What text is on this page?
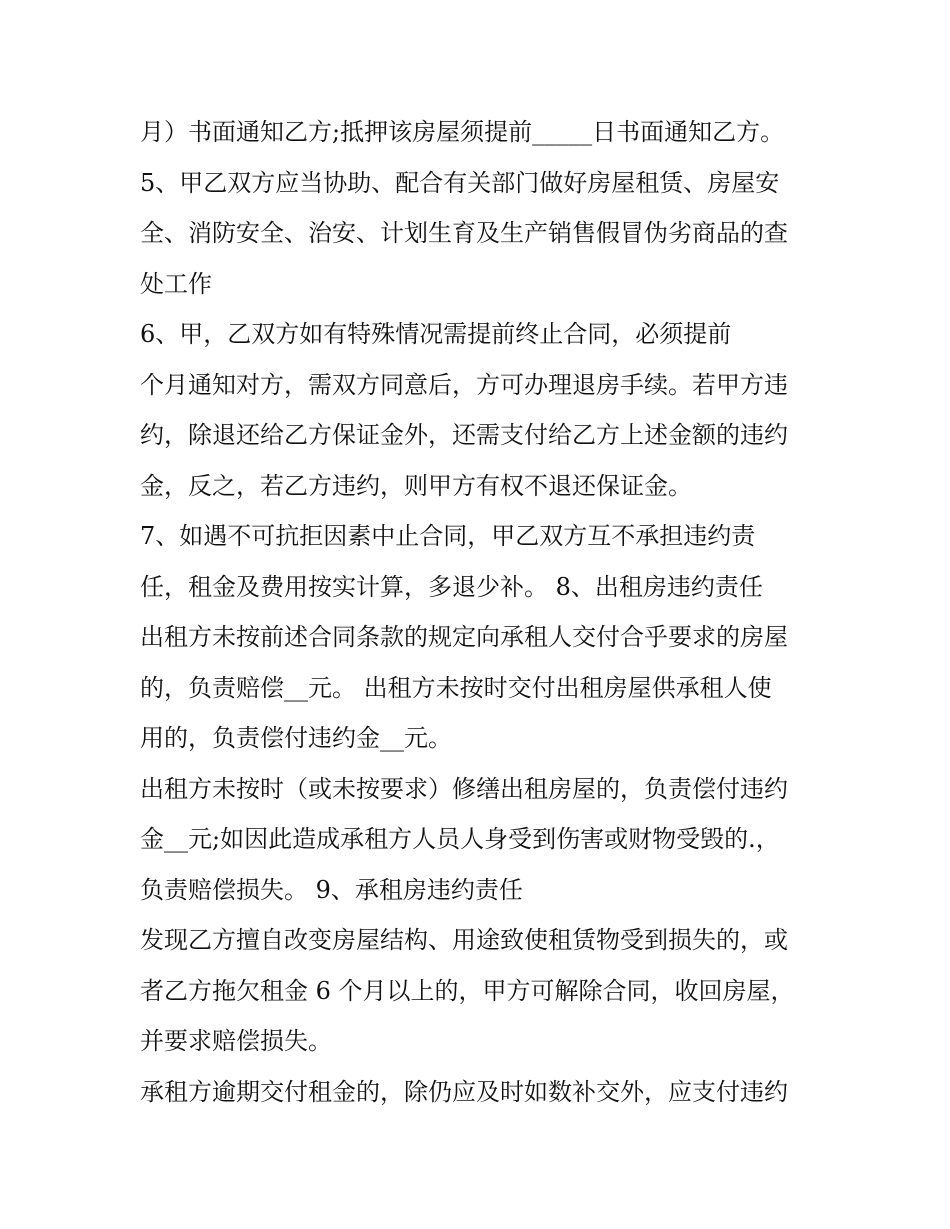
月）书面通知乙方;抵押该房屋须提前_____日书面通知乙方。
5、甲乙双方应当协助、配合有关部门做好房屋租赁、房屋安
全、消防安全、治安、计划生育及生产销售假冒伪劣商品的查
处工作
6、甲，乙双方如有特殊情况需提前终止合同，必须提前
个月通知对方，需双方同意后，方可办理退房手续。若甲方违
约，除退还给乙方保证金外，还需支付给乙方上述金额的违约
金，反之，若乙方违约，则甲方有权不退还保证金。
7、如遇不可抗拒因素中止合同，甲乙双方互不承担违约责
任，租金及费用按实计算，多退少补。 8、出租房违约责任
出租方未按前述合同条款的规定向承租人交付合乎要求的房屋
的，负责赔偿__元。 出租方未按时交付出租房屋供承租人使
用的，负责偿付违约金__元。
出租方未按时（或未按要求）修缮出租房屋的，负责偿付违约
金__元;如因此造成承租方人员人身受到伤害或财物受毁的.，
负责赔偿损失。 9、承租房违约责任
发现乙方擅自改变房屋结构、用途致使租赁物受到损失的，或
者乙方拖欠租金 6 个月以上的，甲方可解除合同，收回房屋，
并要求赔偿损失。
承租方逾期交付租金的，除仍应及时如数补交外，应支付违约
